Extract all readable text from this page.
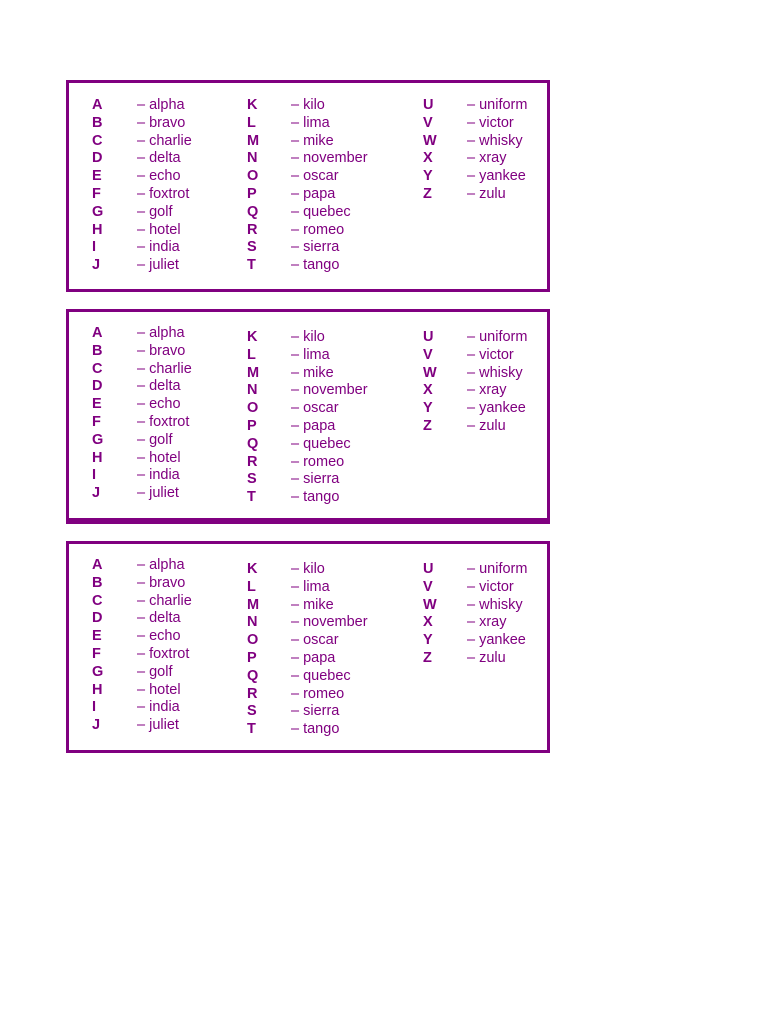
A – alpha
B – bravo
C – charlie
D – delta
E – echo
F – foxtrot
G – golf
H – hotel
I	– india
J	– juliet
K – kilo
L – lima
M – mike
N – november
O – oscar
P – papa
Q – quebec
R – romeo
S – sierra
T – tango
U – uniform
V – victor
W – whisky
X – xray
Y – yankee
Z – zulu
A – alpha
B – bravo
C – charlie
D – delta
E – echo
F – foxtrot
G – golf
H – hotel
I	– india
J	– juliet
K – kilo
L – lima
M – mike
N – november
O – oscar
P – papa
Q – quebec
R – romeo
S – sierra
T – tango
U – uniform
V – victor
W – whisky
X – xray
Y – yankee
Z – zulu
A – alpha
B – bravo
C – charlie
D – delta
E – echo
F – foxtrot
G – golf
H – hotel
I	– india
J	– juliet
K – kilo
L – lima
M – mike
N – november
O – oscar
P – papa
Q – quebec
R – romeo
S – sierra
T – tango
U – uniform
V – victor
W – whisky
X – xray
Y – yankee
Z – zulu
